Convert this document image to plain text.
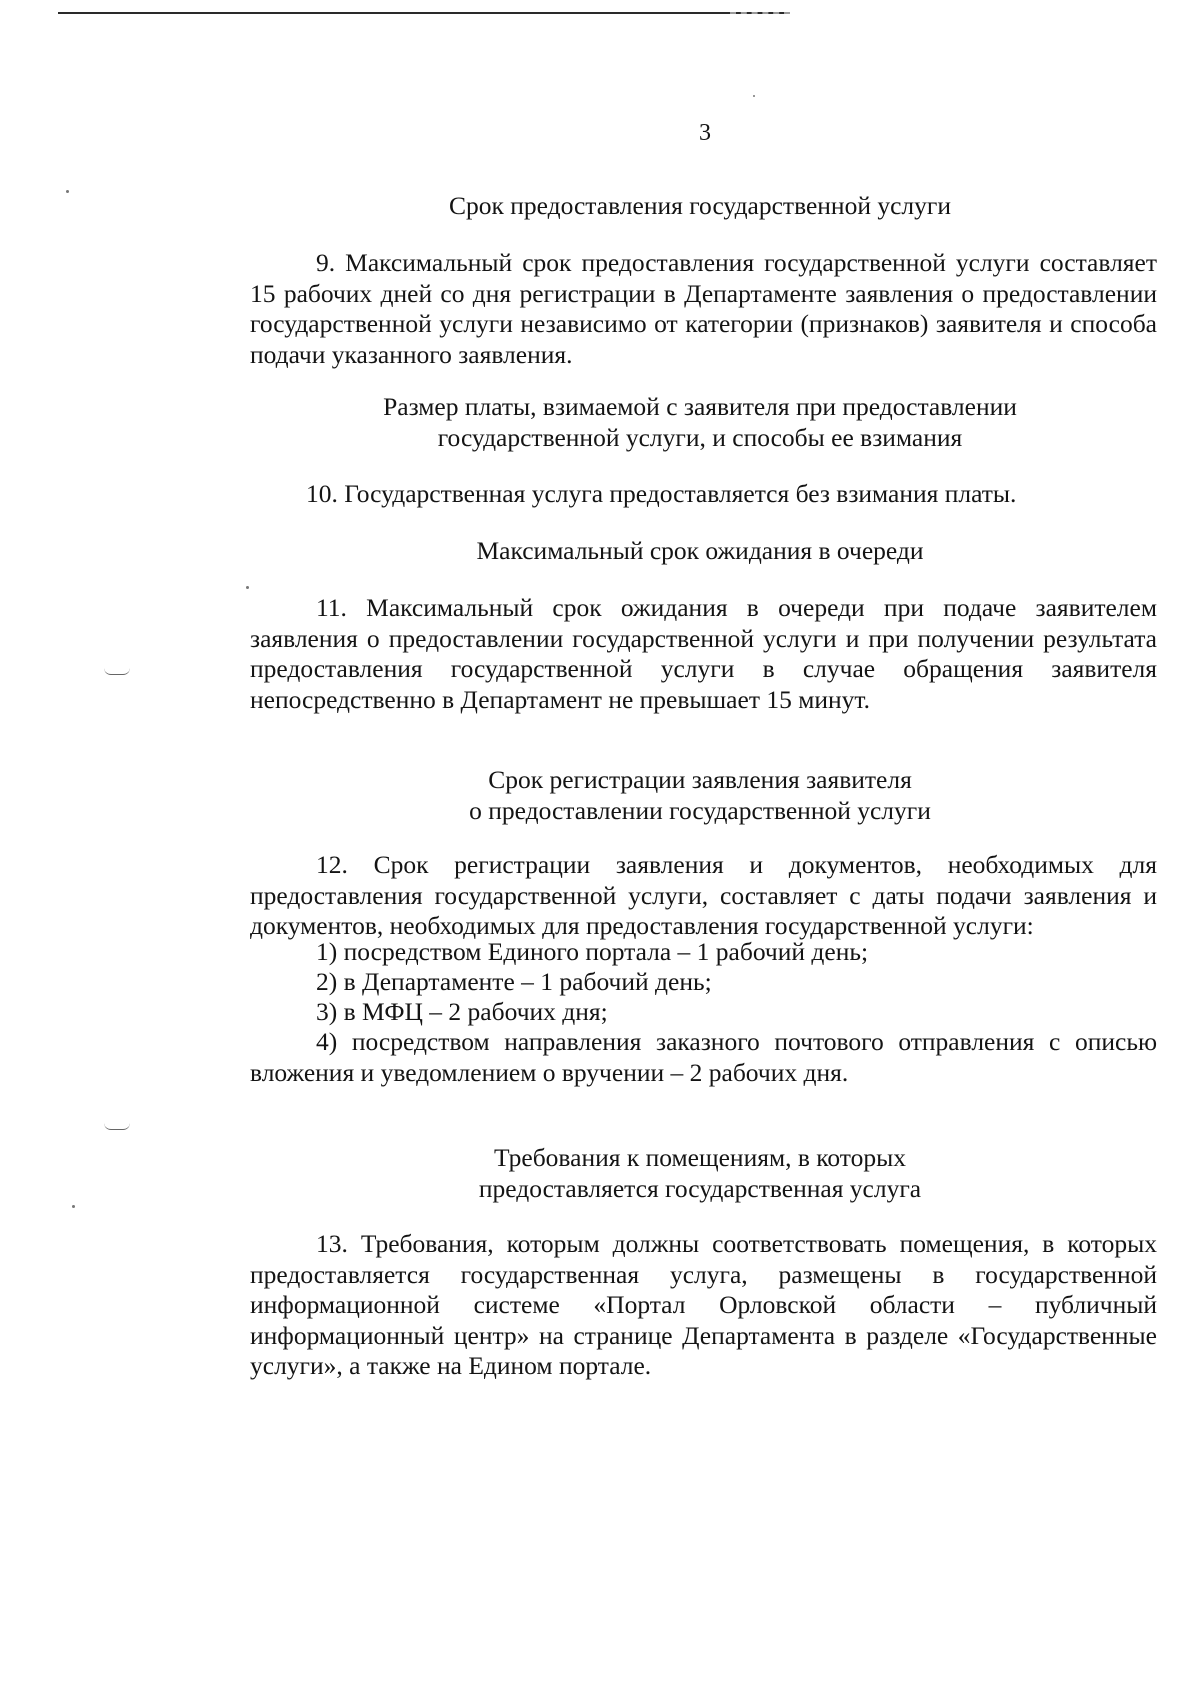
3
Срок предоставления государственной услуги
9. Максимальный срок предоставления государственной услуги составляет 15 рабочих дней со дня регистрации в Департаменте заявления о предоставлении государственной услуги независимо от категории (признаков) заявителя и способа подачи указанного заявления.
Размер платы, взимаемой с заявителя при предоставлении
государственной услуги, и способы ее взимания
10. Государственная услуга предоставляется без взимания платы.
Максимальный срок ожидания в очереди
11. Максимальный срок ожидания в очереди при подаче заявителем заявления о предоставлении государственной услуги и при получении результата предоставления государственной услуги в случае обращения заявителя непосредственно в Департамент не превышает 15 минут.
Срок регистрации заявления заявителя
о предоставлении государственной услуги
12. Срок регистрации заявления и документов, необходимых для предоставления государственной услуги, составляет с даты подачи заявления и документов, необходимых для предоставления государственной услуги:
1) посредством Единого портала – 1 рабочий день;
2) в Департаменте – 1 рабочий день;
3) в МФЦ – 2 рабочих дня;
4) посредством направления заказного почтового отправления с описью вложения и уведомлением о вручении – 2 рабочих дня.
Требования к помещениям, в которых
предоставляется государственная услуга
13. Требования, которым должны соответствовать помещения, в которых предоставляется государственная услуга, размещены в государственной информационной системе «Портал Орловской области – публичный информационный центр» на странице Департамента в разделе «Государственные услуги», а также на Едином портале.
